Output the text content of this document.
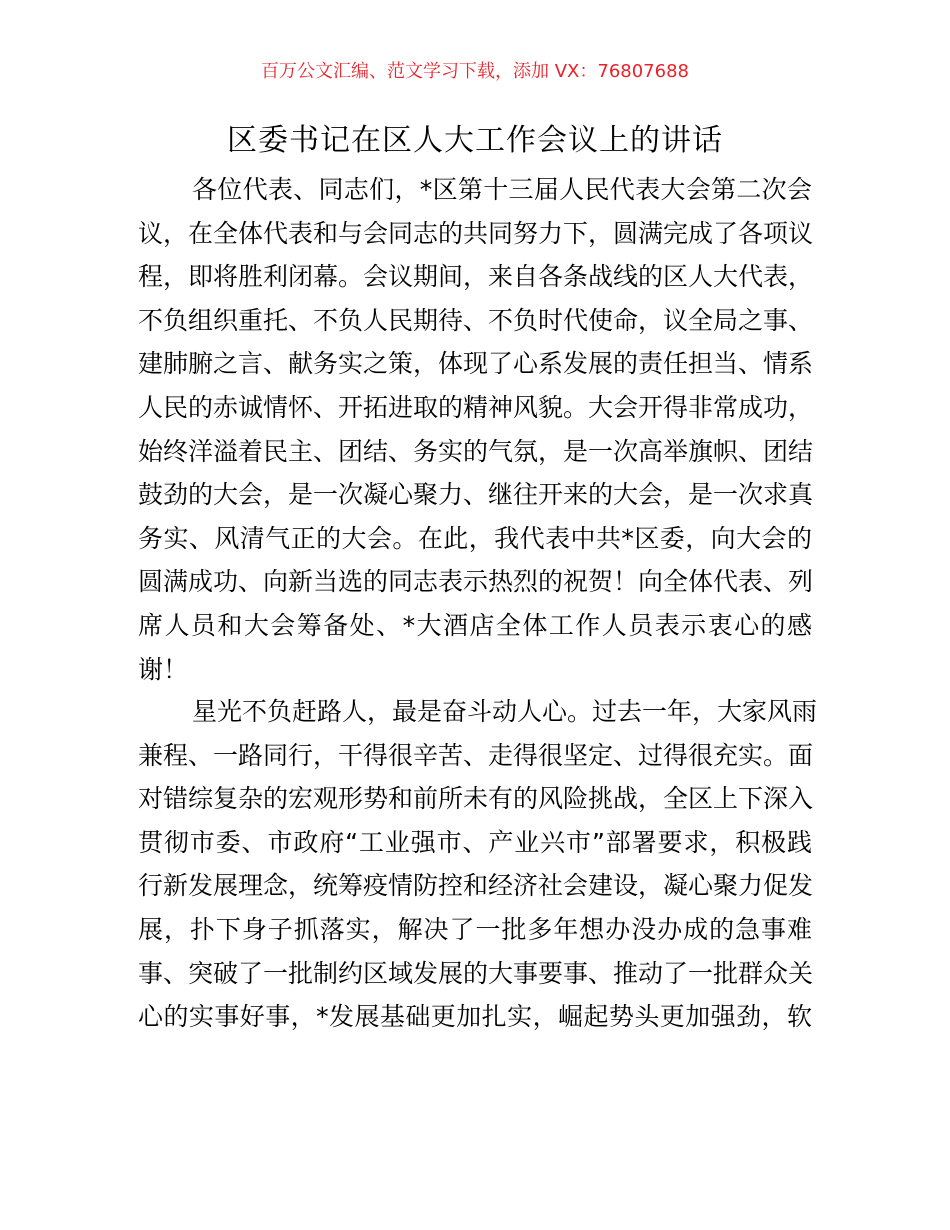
百万公文汇编、范文学习下载，添加 VX：76807688
区委书记在区人大工作会议上的讲话
各位代表、同志们，*区第十三届人民代表大会第二次会
议，在全体代表和与会同志的共同努力下，圆满完成了各项议
程，即将胜利闭幕。会议期间，来自各条战线的区人大代表，
不负组织重托、不负人民期待、不负时代使命，议全局之事、
建肺腑之言、献务实之策，体现了心系发展的责任担当、情系
人民的赤诚情怀、开拓进取的精神风貌。大会开得非常成功，
始终洋溢着民主、团结、务实的气氛，是一次高举旗帜、团结
鼓劲的大会，是一次凝心聚力、继往开来的大会，是一次求真
务实、风清气正的大会。在此，我代表中共*区委，向大会的
圆满成功、向新当选的同志表示热烈的祝贺！向全体代表、列
席人员和大会筹备处、*大酒店全体工作人员表示衷心的感
谢！
星光不负赶路人，最是奋斗动人心。过去一年，大家风雨
兼程、一路同行，干得很辛苦、走得很坚定、过得很充实。面
对错综复杂的宏观形势和前所未有的风险挑战，全区上下深入
贯彻市委、市政府“工业强市、产业兴市”部署要求，积极践
行新发展理念，统筹疫情防控和经济社会建设，凝心聚力促发
展，扑下身子抓落实，解决了一批多年想办没办成的急事难
事、突破了一批制约区域发展的大事要事、推动了一批群众关
心的实事好事，*发展基础更加扎实，崛起势头更加强劲，软
